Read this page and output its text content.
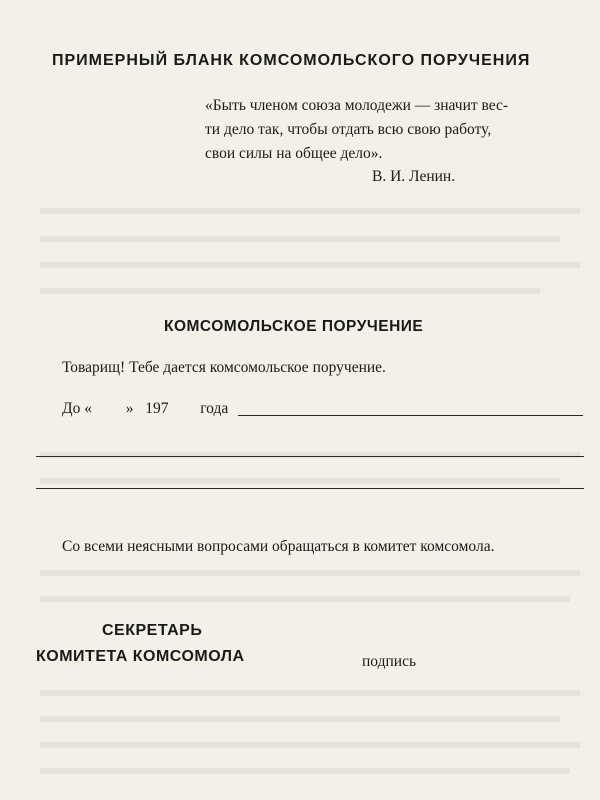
ПРИМЕРНЫЙ БЛАНК КОМСОМОЛЬСКОГО ПОРУЧЕНИЯ
«Быть членом союза молодежи — значит вес-
ти дело так, чтобы отдать всю свою работу,
свои силы на общее дело».
В. И. Ленин.
КОМСОМОЛЬСКОЕ ПОРУЧЕНИЕ
Товарищ! Тебе дается комсомольское поручение.
До « » 197 года
Со всеми неясными вопросами обращаться в комитет комсомола.
СЕКРЕТАРЬ
КОМИТЕТА КОМСОМОЛА	подпись
